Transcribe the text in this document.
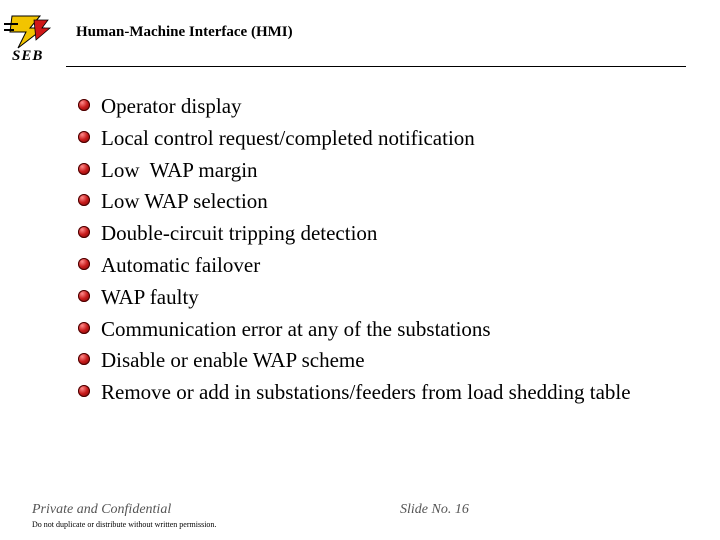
SEB
Human-Machine Interface (HMI)
Operator display
Local control request/completed notification
Low  WAP margin
Low WAP selection
Double-circuit tripping detection
Automatic failover
WAP faulty
Communication error at any of the substations
Disable or enable WAP scheme
Remove or add in substations/feeders from load shedding table
Private and Confidential
Do not duplicate or distribute without written permission.
Slide No. 16
